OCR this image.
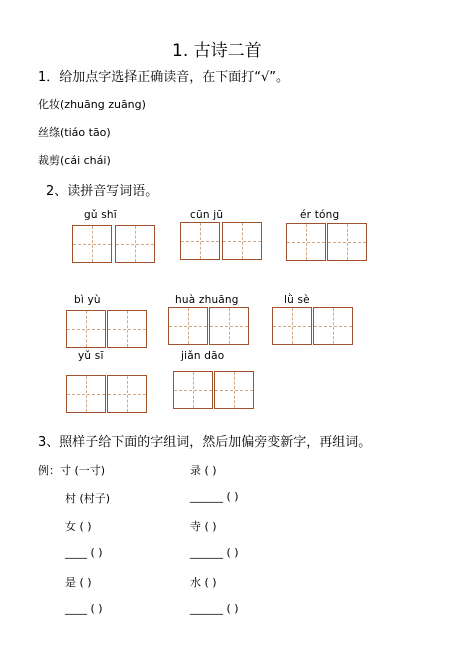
1. 古诗二首
1．给加点字选择正确读音，在下面打“√”。
化妆(zhuāng zuāng)
丝绦(tiáo tāo)
裁剪(cái chái)
2、读拼音写词语。
gǔ shī	cūn jū	ér tóng
bì yù	huà zhuāng	lǜ sè
yǔ sī	jiǎn dāo
3、照样子给下面的字组词，然后加偏旁变新字，再组词。
例：寸 (一寸)	录 ( )
村 (村子)	______ ( )
女 ( )	寺 ( )
____ ( )	______ ( )
是 ( )	水 ( )
____ ( )	______ ( )
